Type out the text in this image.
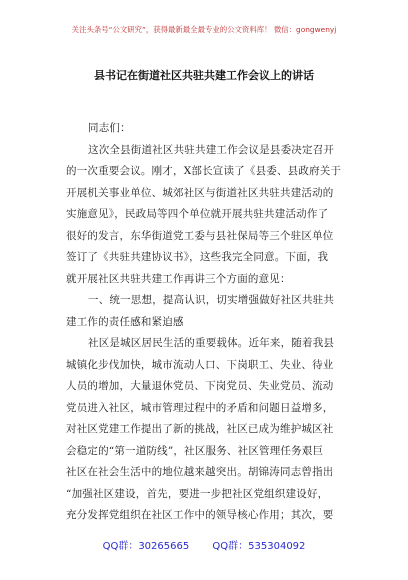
关注头条号“公文研究”，获得最新最全最专业的公文资料库！ 微信：gongwenyj
县书记在街道社区共驻共建工作会议上的讲话
同志们：
这次全县街道社区共驻共建工作会议是县委决定召开
的一次重要会议。刚才，X部长宣读了《县委、县政府关于
开展机关事业单位、城郊社区与街道社区共驻共建活动的
实施意见》，民政局等四个单位就开展共驻共建活动作了
很好的发言，东华街道党工委与县社保局等三个驻区单位
签订了《共驻共建协议书》，这些我完全同意。下面，我
就开展社区共驻共建工作再讲三个方面的意见：
一、统一思想，提高认识，切实增强做好社区共驻共
建工作的责任感和紧迫感
社区是城区居民生活的重要载体。近年来，随着我县
城镇化步伐加快，城市流动人口、下岗职工、失业、待业
人员的增加，大量退休党员、下岗党员、失业党员、流动
党员进入社区，城市管理过程中的矛盾和问题日益增多，
对社区党建工作提出了新的挑战，社区已成为维护城区社
会稳定的“第一道防线”，社区服务、社区管理任务艰巨
社区在社会生活中的地位越来越突出。胡锦涛同志曾指出
“加强社区建设，首先，要进一步把社区党组织建设好，
充分发挥党组织在社区工作中的领导核心作用；其次，要
QQ群：30265665 QQ群：535304092
